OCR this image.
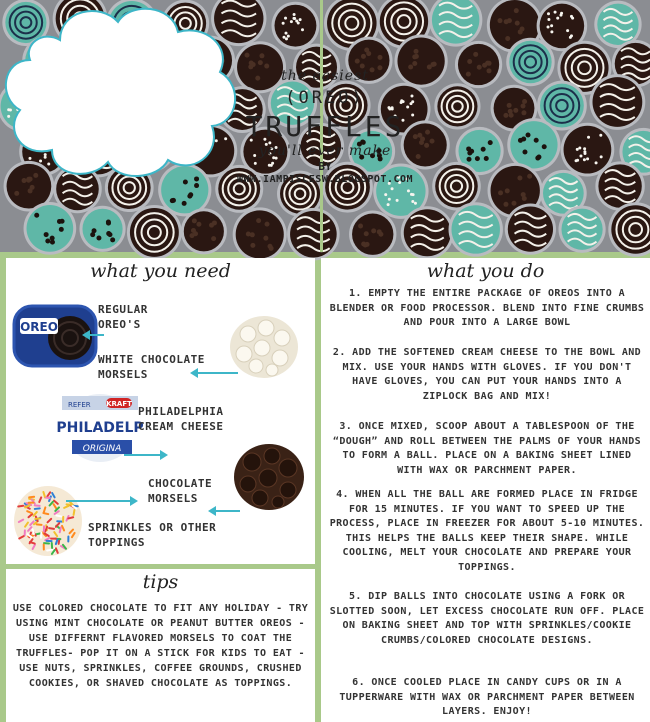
the easiest
(OREO)
TRUFFLES
you'll ever make
BY
WWW.IAMPISCESW.BLOGSPOT.COM
what you need
OREO
REGULAR OREO'S
WHITE CHOCOLATE MORSELS
REFER KRAFT
PHILADELP
ORIGINA
PHILADELPHIA CREAM CHEESE
CHOCOLATE MORSELS
SPRINKLES OR OTHER TOPPINGS
tips
USE COLORED CHOCOLATE TO FIT ANY HOLIDAY - TRY USING MINT CHOCOLATE OR PEANUT BUTTER OREOS - USE DIFFERNT FLAVORED MORSELS TO COAT THE TRUFFLES- POP IT ON A STICK FOR KIDS TO EAT - USE NUTS, SPRINKLES, COFFEE GROUNDS, CRUSHED COOKIES, OR SHAVED CHOCOLATE AS TOPPINGS.
what you do
1. EMPTY THE ENTIRE PACKAGE OF OREOS INTO A BLENDER OR FOOD PROCESSOR. BLEND INTO FINE CRUMBS AND POUR INTO A LARGE BOWL
2. ADD THE SOFTENED CREAM CHEESE TO THE BOWL AND MIX. USE YOUR HANDS WITH GLOVES. IF YOU DON'T HAVE GLOVES, YOU CAN PUT YOUR HANDS INTO A ZIPLOCK BAG AND MIX!
3. ONCE MIXED, SCOOP ABOUT A TABLESPOON OF THE “DOUGH” AND ROLL BETWEEN THE PALMS OF YOUR HANDS TO FORM A BALL. PLACE ON A BAKING SHEET LINED WITH WAX OR PARCHMENT PAPER.
4. WHEN ALL THE BALL ARE FORMED PLACE IN FRIDGE FOR 15 MINUTES. IF YOU WANT TO SPEED UP THE PROCESS, PLACE IN FREEZER FOR ABOUT 5-10 MINUTES. THIS HELPS THE BALLS KEEP THEIR SHAPE. WHILE COOLING, MELT YOUR CHOCOLATE AND PREPARE YOUR TOPPINGS.
5. DIP BALLS INTO CHOCOLATE USING A FORK OR SLOTTED SOON, LET EXCESS CHOCOLATE RUN OFF. PLACE ON BAKING SHEET AND TOP WITH SPRINKLES/COOKIE CRUMBS/COLORED CHOCOLATE DESIGNS.
6. ONCE COOLED PLACE IN CANDY CUPS OR IN A TUPPERWARE WITH WAX OR PARCHMENT PAPER BETWEEN LAYERS. ENJOY!
